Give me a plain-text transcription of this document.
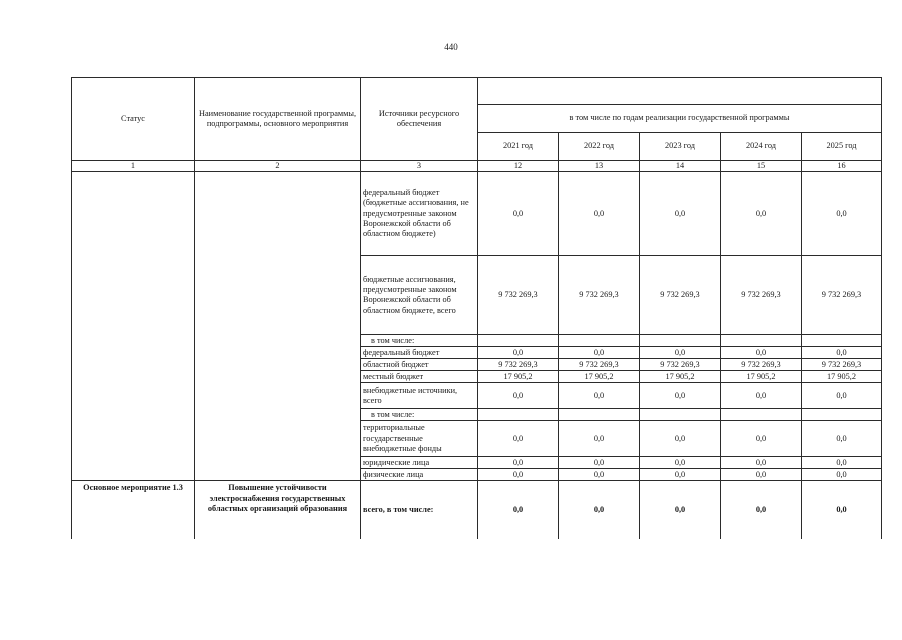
440
Статус	Наименование государственной программы, подпрограммы, основного мероприятия	Источники ресурсного обеспечения					
			в том числе по годам реализации государственной программы				
			2021 год	2022 год	2023 год	2024 год	2025 год
1	2	3	12	13	14	15	16
		федеральный бюджет (бюджетные ассигнования, не предусмотренные законом Воронежской области об областном бюджете)	0,0	0,0	0,0	0,0	0,0
		бюджетные ассигнования, предусмотренные законом Воронежской области об областном бюджете, всего	9 732 269,3	9 732 269,3	9 732 269,3	9 732 269,3	9 732 269,3
		в том числе:					
		федеральный бюджет	0,0	0,0	0,0	0,0	0,0
		областной бюджет	9 732 269,3	9 732 269,3	9 732 269,3	9 732 269,3	9 732 269,3
		местный бюджет	17 905,2	17 905,2	17 905,2	17 905,2	17 905,2
		внебюджетные источники, всего	0,0	0,0	0,0	0,0	0,0
		в том числе:					
		территориальные государственные внебюджетные фонды	0,0	0,0	0,0	0,0	0,0
		юридические лица	0,0	0,0	0,0	0,0	0,0
		физические лица	0,0	0,0	0,0	0,0	0,0
Основное мероприятие 1.3	Повышение устойчивости электроснабжения государственных областных организаций образования	всего, в том числе:	0,0	0,0	0,0	0,0	0,0
